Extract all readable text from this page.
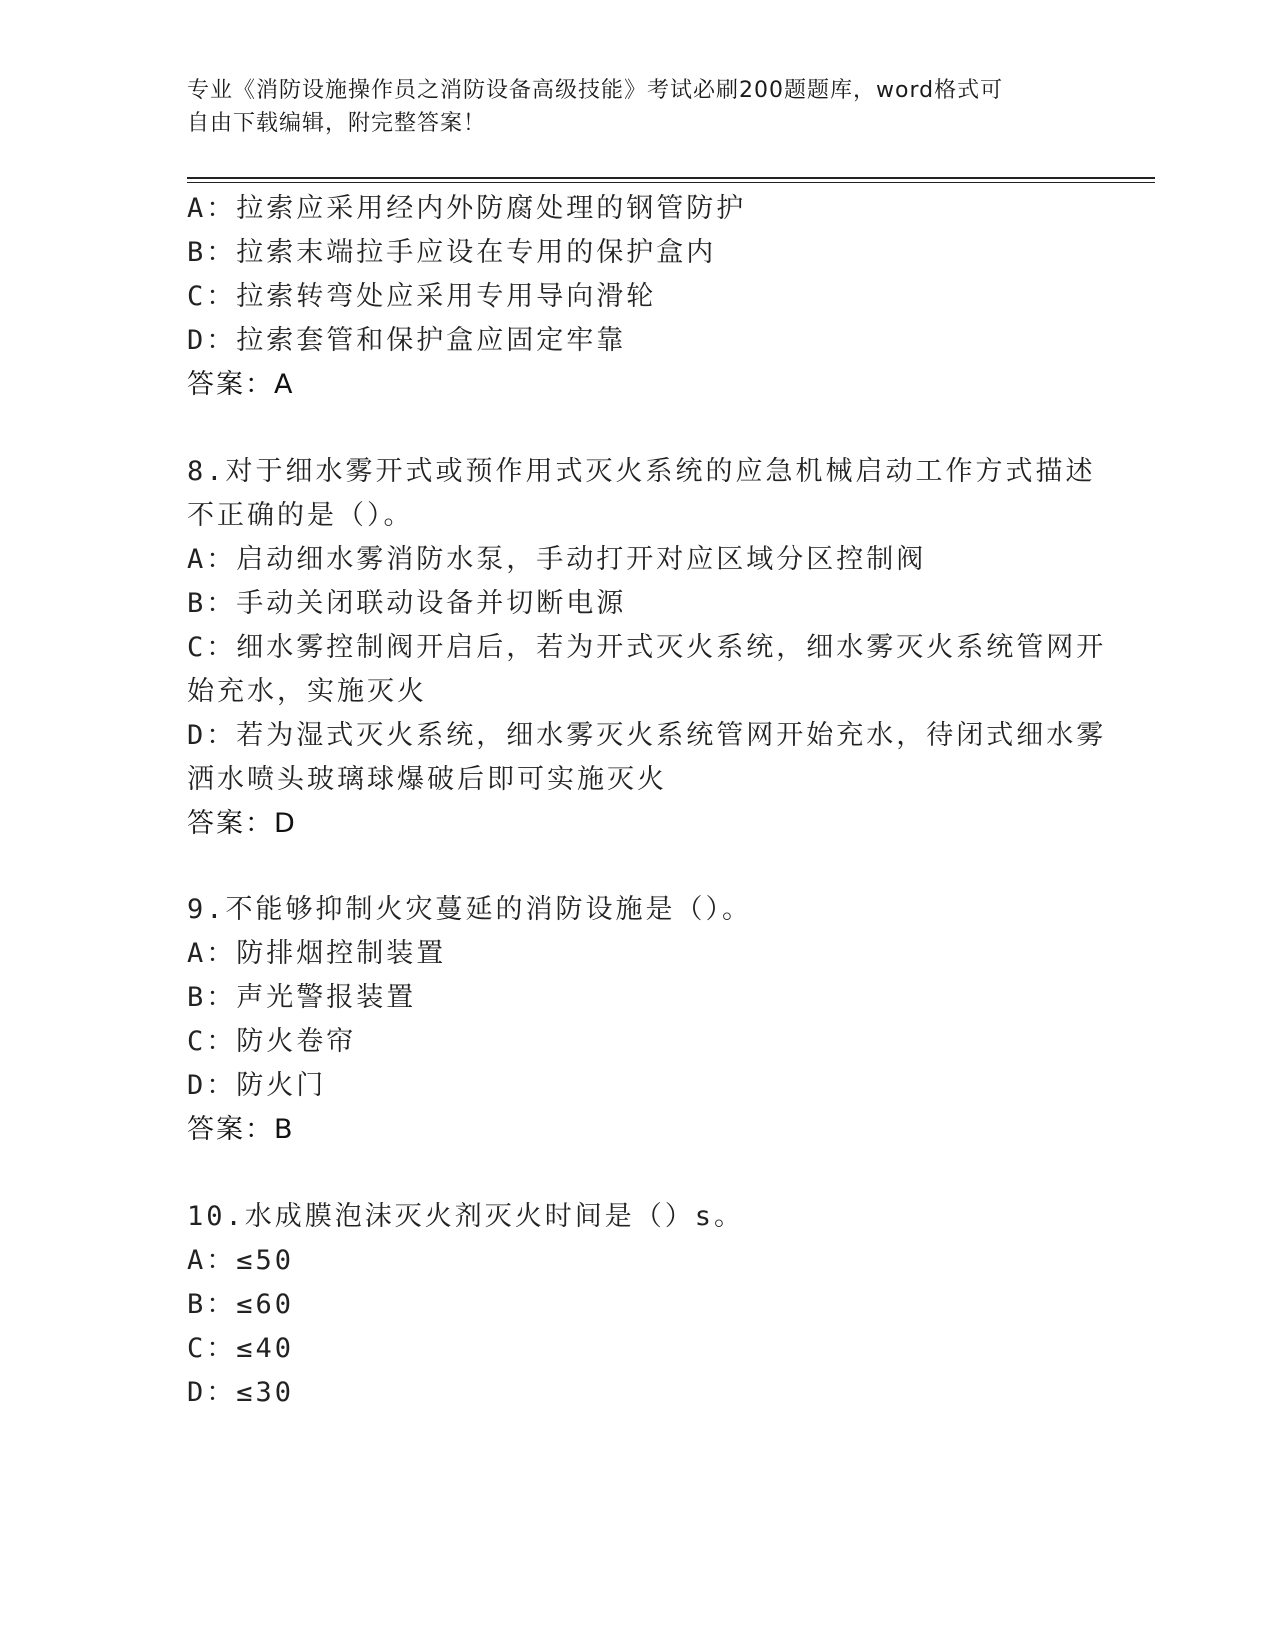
专业《消防设施操作员之消防设备高级技能》考试必刷200题题库，word格式可
自由下载编辑，附完整答案！
A：拉索应采用经内外防腐处理的钢管防护
B：拉索末端拉手应设在专用的保护盒内
C：拉索转弯处应采用专用导向滑轮
D：拉索套管和保护盒应固定牢靠
答案：A
8.对于细水雾开式或预作用式灭火系统的应急机械启动工作方式描述
不正确的是（）。
A：启动细水雾消防水泵，手动打开对应区域分区控制阀
B：手动关闭联动设备并切断电源
C：细水雾控制阀开启后，若为开式灭火系统，细水雾灭火系统管网开
始充水，实施灭火
D：若为湿式灭火系统，细水雾灭火系统管网开始充水，待闭式细水雾
洒水喷头玻璃球爆破后即可实施灭火
答案：D
9.不能够抑制火灾蔓延的消防设施是（）。
A：防排烟控制装置
B：声光警报装置
C：防火卷帘
D：防火门
答案：B
10.水成膜泡沫灭火剂灭火时间是（）s。
A：≤50
B：≤60
C：≤40
D：≤30
